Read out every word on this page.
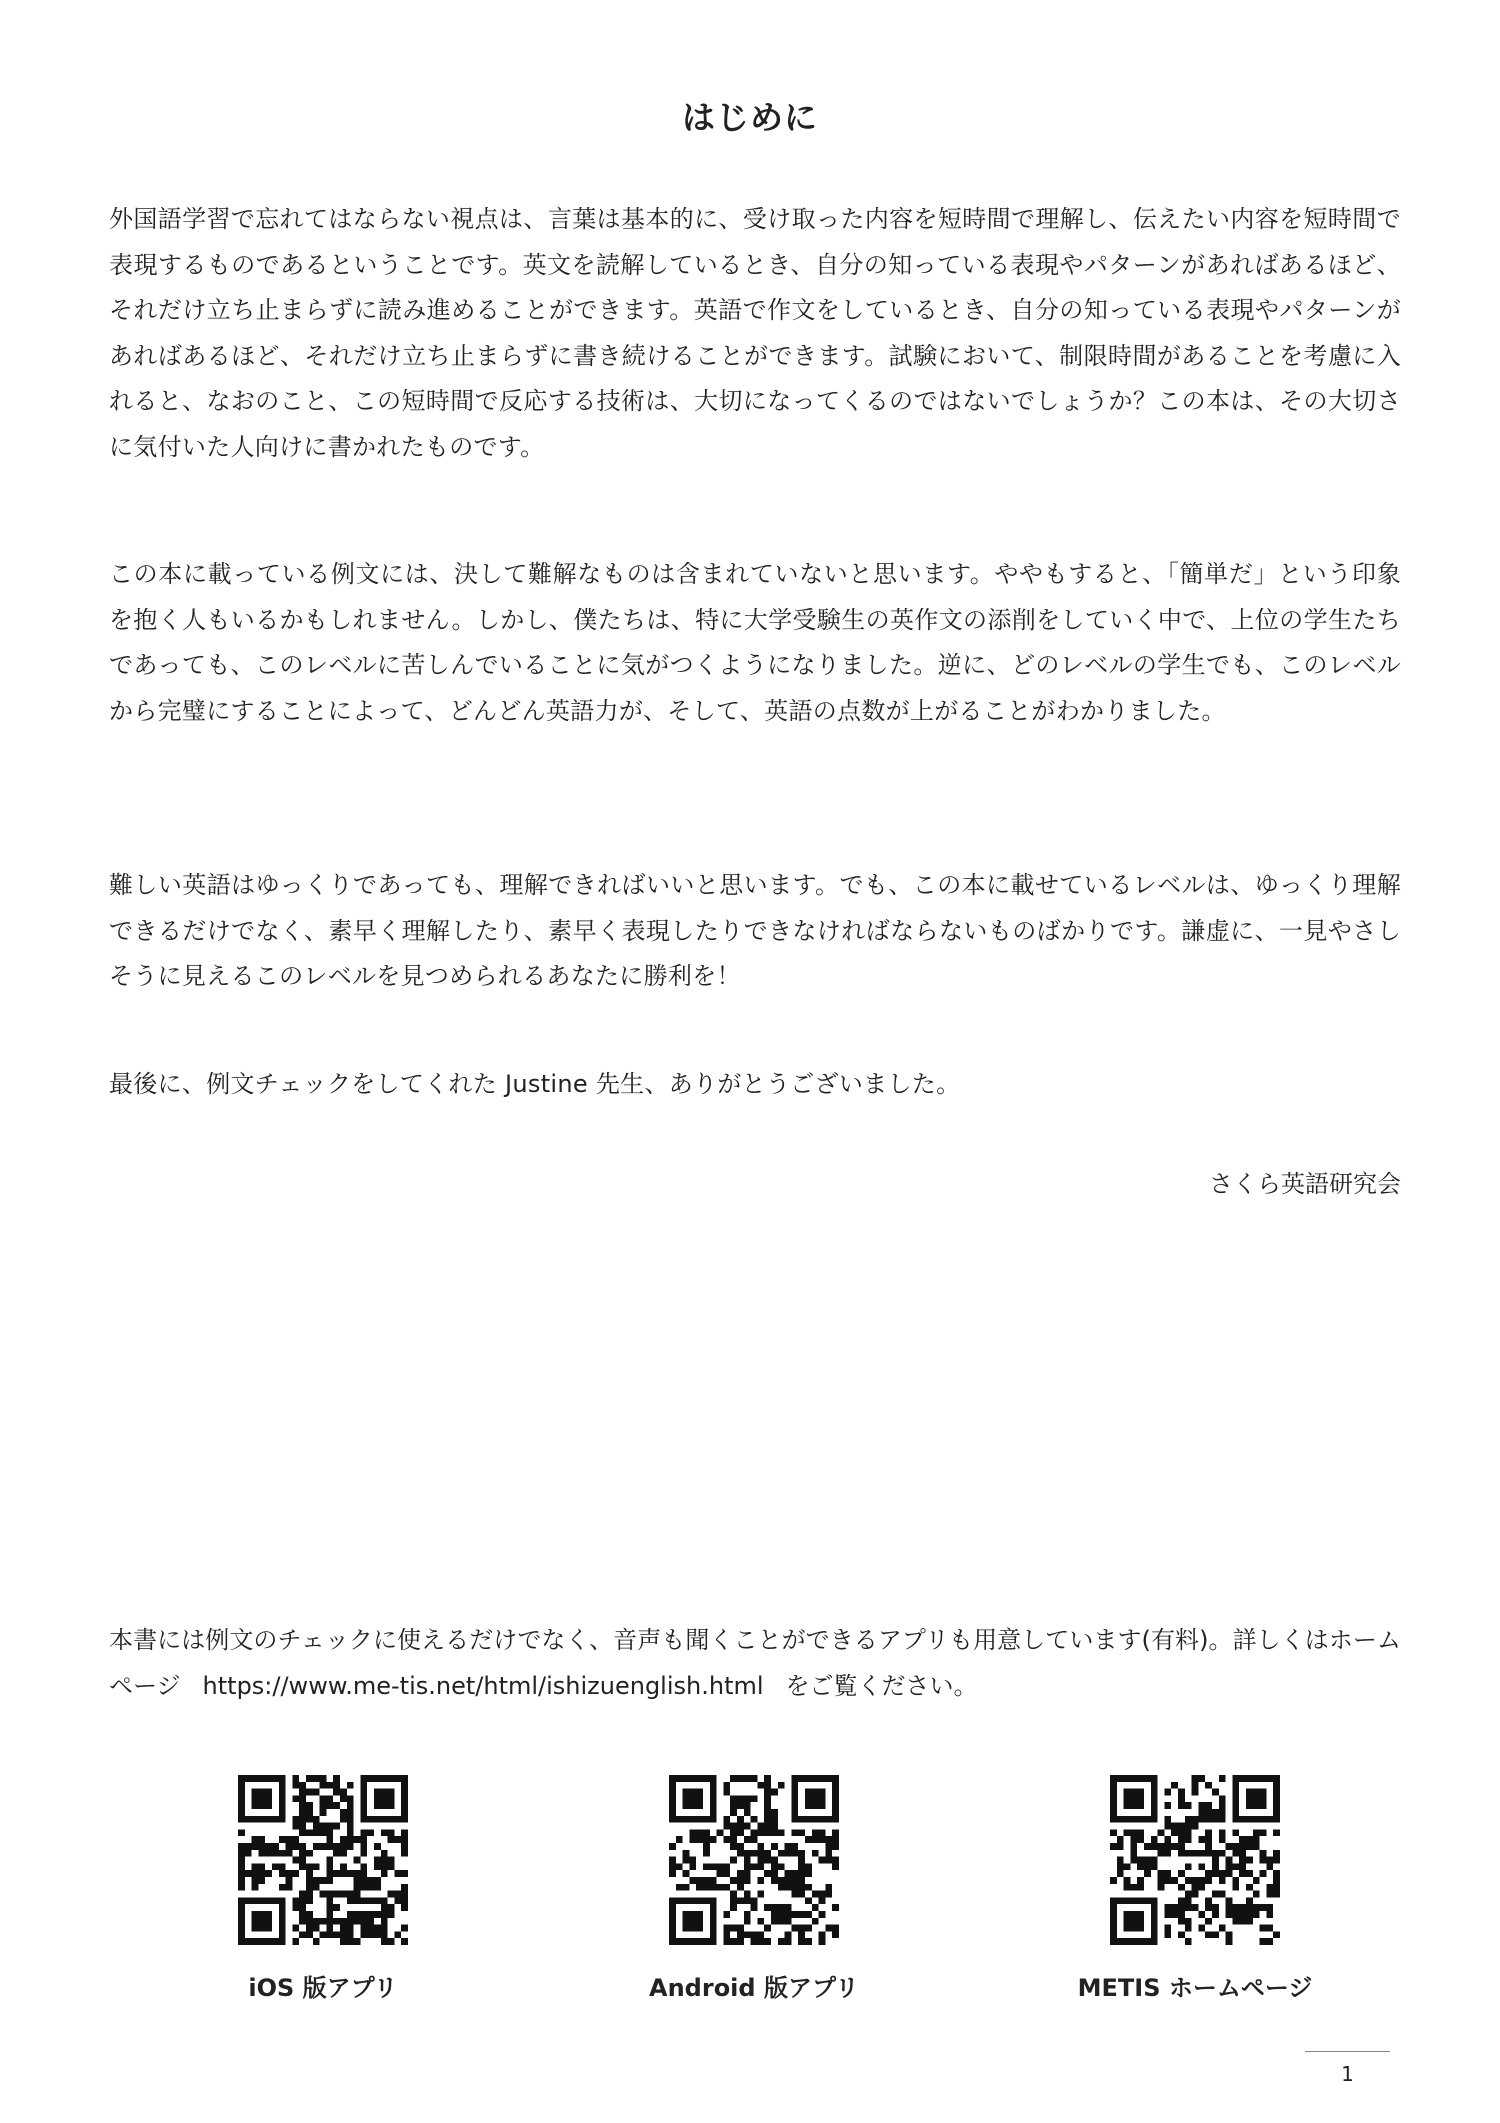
はじめに

外国語学習で忘れてはならない視点は、言葉は基本的に、受け取った内容を短時間で理解し、伝えたい内容を短時間で表現するものであるということです。英文を読解しているとき、自分の知っている表現やパターンがあればあるほど、それだけ立ち止まらずに読み進めることができます。英語で作文をしているとき、自分の知っている表現やパターンがあればあるほど、それだけ立ち止まらずに書き続けることができます。試験において、制限時間があることを考慮に入れると、なおのこと、この短時間で反応する技術は、大切になってくるのではないでしょうか？この本は、その大切さに気付いた人向けに書かれたものです。

この本に載っている例文には、決して難解なものは含まれていないと思います。ややもすると、「簡単だ」という印象を抱く人もいるかもしれません。しかし、僕たちは、特に大学受験生の英作文の添削をしていく中で、上位の学生たちであっても、このレベルに苦しんでいることに気がつくようになりました。逆に、どのレベルの学生でも、このレベルから完璧にすることによって、どんどん英語力が、そして、英語の点数が上がることがわかりました。

難しい英語はゆっくりであっても、理解できればいいと思います。でも、この本に載せているレベルは、ゆっくり理解できるだけでなく、素早く理解したり、素早く表現したりできなければならないものばかりです。謙虚に、一見やさしそうに見えるこのレベルを見つめられるあなたに勝利を！

最後に、例文チェックをしてくれた Justine 先生、ありがとうございました。

さくら英語研究会

本書には例文のチェックに使えるだけでなく、音声も聞くことができるアプリも用意しています(有料)。詳しくはホームページ https://www.me-tis.net/html/ishizuenglish.html をご覧ください。

iOS 版アプリ	Android 版アプリ	METIS ホームページ
1
